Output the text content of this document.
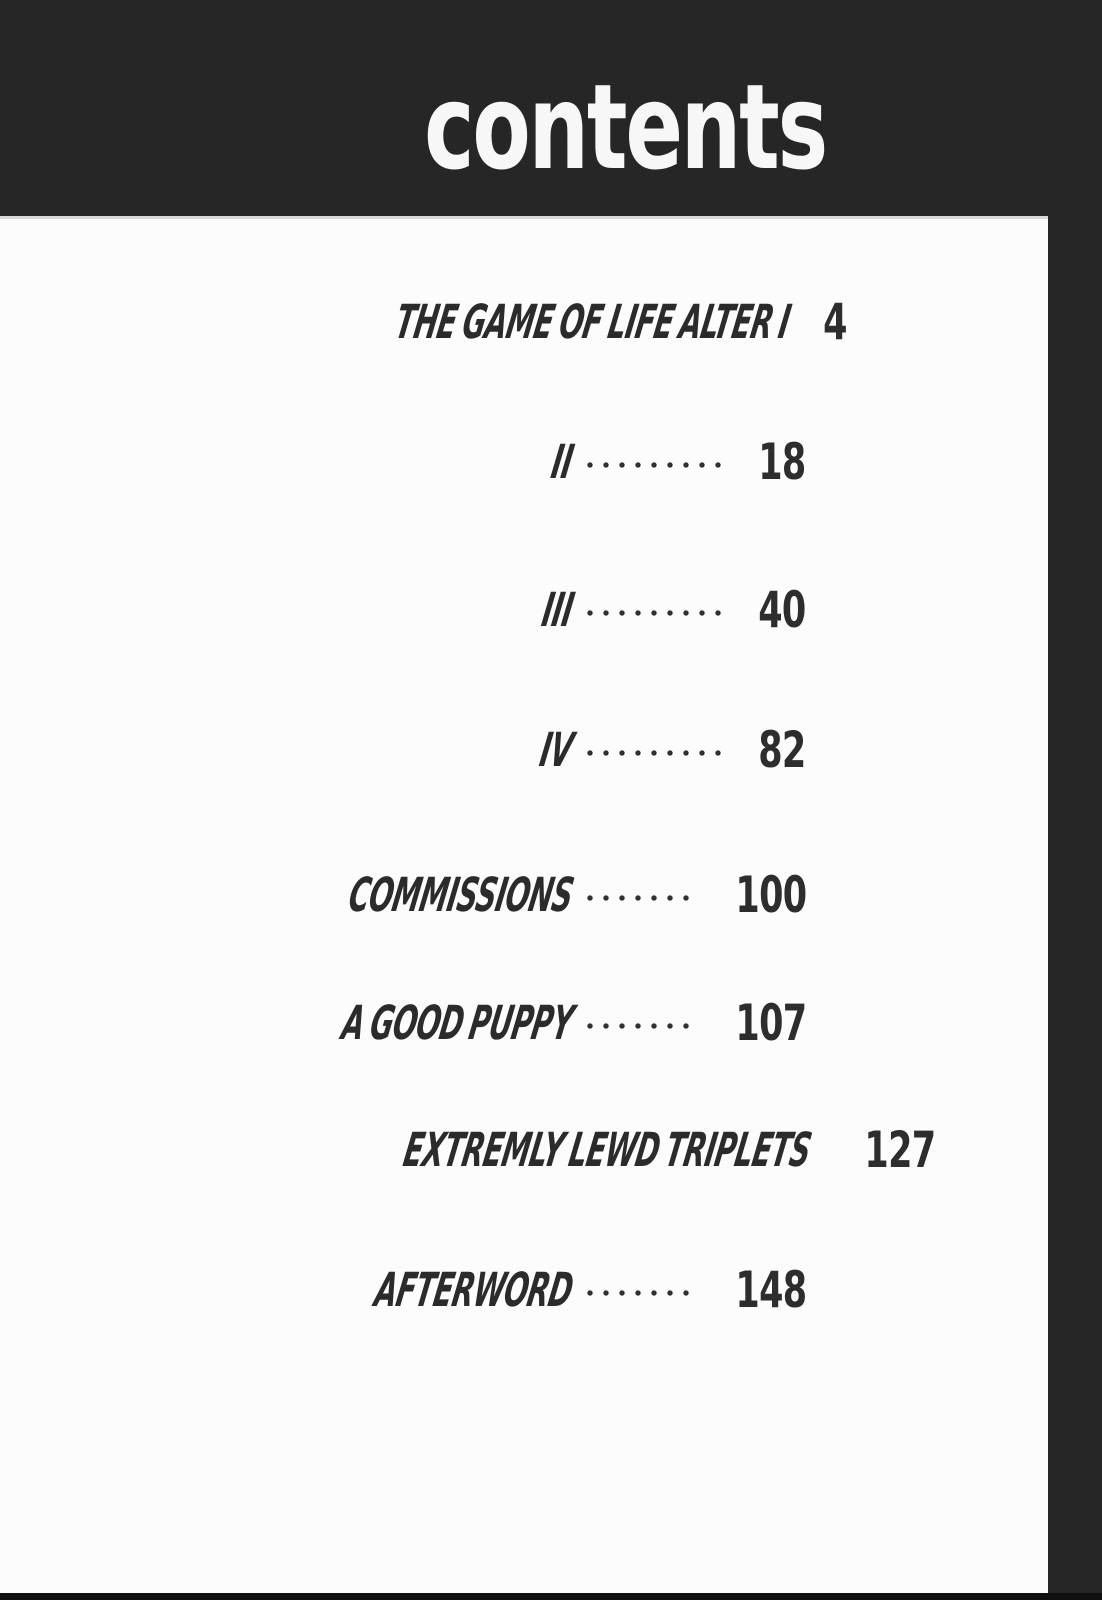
contents
THE GAME OF LIFE ALTER I 4
II	18
III	40
IV	82
COMMISSIONS	100
A GOOD PUPPY	107
EXTREMLY LEWD TRIPLETS 127
AFTERWORD	148
